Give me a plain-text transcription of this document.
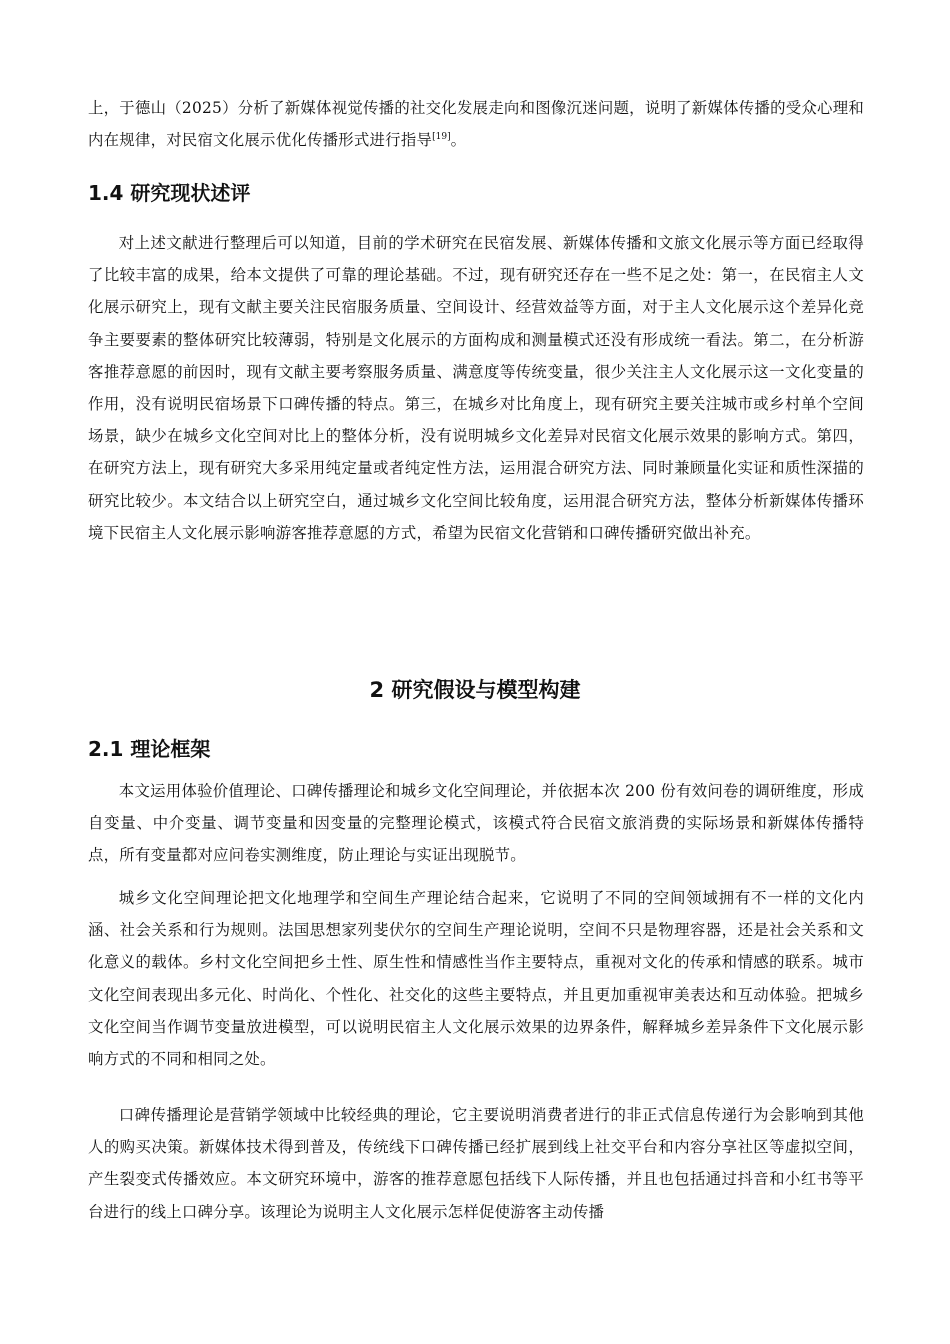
上，于德山（2025）分析了新媒体视觉传播的社交化发展走向和图像沉迷问题，说明了新媒体传播的受众心理和内在规律，对民宿文化展示优化传播形式进行指导[19]。

1.4 研究现状述评

对上述文献进行整理后可以知道，目前的学术研究在民宿发展、新媒体传播和文旅文化展示等方面已经取得了比较丰富的成果，给本文提供了可靠的理论基础。不过，现有研究还存在一些不足之处：第一，在民宿主人文化展示研究上，现有文献主要关注民宿服务质量、空间设计、经营效益等方面，对于主人文化展示这个差异化竞争主要要素的整体研究比较薄弱，特别是文化展示的方面构成和测量模式还没有形成统一看法。第二，在分析游客推荐意愿的前因时，现有文献主要考察服务质量、满意度等传统变量，很少关注主人文化展示这一文化变量的作用，没有说明民宿场景下口碑传播的特点。第三，在城乡对比角度上，现有研究主要关注城市或乡村单个空间场景，缺少在城乡文化空间对比上的整体分析，没有说明城乡文化差异对民宿文化展示效果的影响方式。第四，在研究方法上，现有研究大多采用纯定量或者纯定性方法，运用混合研究方法、同时兼顾量化实证和质性深描的研究比较少。本文结合以上研究空白，通过城乡文化空间比较角度，运用混合研究方法，整体分析新媒体传播环境下民宿主人文化展示影响游客推荐意愿的方式，希望为民宿文化营销和口碑传播研究做出补充。

2 研究假设与模型构建
2.1 理论框架

本文运用体验价值理论、口碑传播理论和城乡文化空间理论，并依据本次 200 份有效问卷的调研维度，形成自变量、中介变量、调节变量和因变量的完整理论模式，该模式符合民宿文旅消费的实际场景和新媒体传播特点，所有变量都对应问卷实测维度，防止理论与实证出现脱节。

城乡文化空间理论把文化地理学和空间生产理论结合起来，它说明了不同的空间领域拥有不一样的文化内涵、社会关系和行为规则。法国思想家列斐伏尔的空间生产理论说明，空间不只是物理容器，还是社会关系和文化意义的载体。乡村文化空间把乡土性、原生性和情感性当作主要特点，重视对文化的传承和情感的联系。城市文化空间表现出多元化、时尚化、个性化、社交化的这些主要特点，并且更加重视审美表达和互动体验。把城乡文化空间当作调节变量放进模型，可以说明民宿主人文化展示效果的边界条件，解释城乡差异条件下文化展示影响方式的不同和相同之处。

口碑传播理论是营销学领域中比较经典的理论，它主要说明消费者进行的非正式信息传递行为会影响到其他人的购买决策。新媒体技术得到普及，传统线下口碑传播已经扩展到线上社交平台和内容分享社区等虚拟空间，产生裂变式传播效应。本文研究环境中，游客的推荐意愿包括线下人际传播，并且也包括通过抖音和小红书等平台进行的线上口碑分享。该理论为说明主人文化展示怎样促使游客主动传播
